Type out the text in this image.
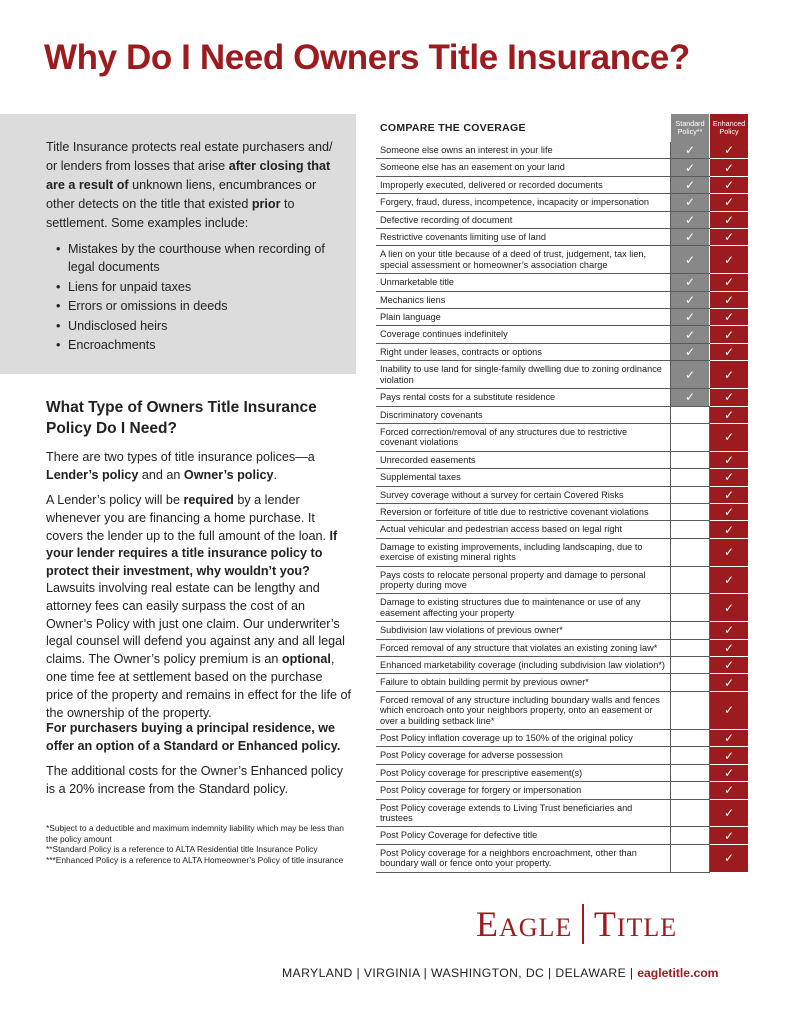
Why Do I Need Owners Title Insurance?

Title Insurance protects real estate purchasers and/ or lenders from losses that arise after closing that are a result of unknown liens, encumbrances or other detects on the title that existed prior to settlement. Some examples include:

• Mistakes by the courthouse when recording of legal documents
• Liens for unpaid taxes
• Errors or omissions in deeds
• Undisclosed heirs
• Encroachments
What Type of Owners Title Insurance Policy Do I Need?

There are two types of title insurance polices—a Lender’s policy and an Owner’s policy.

A Lender’s policy will be required by a lender whenever you are financing a home purchase. It covers the lender up to the full amount of the loan. If your lender requires a title insurance policy to protect their investment, why wouldn’t you?

Lawsuits involving real estate can be lengthy and attorney fees can easily surpass the cost of an Owner’s Policy with just one claim. Our underwriter’s legal counsel will defend you against any and all legal claims. The Owner’s policy premium is an optional, one time fee at settlement based on the purchase price of the property and remains in effect for the life of the ownership of the property.

For purchasers buying a principal residence, we offer an option of a Standard or Enhanced policy.

The additional costs for the Owner’s Enhanced policy is a 20% increase from the Standard policy.

*Subject to a deductible and maximum indemnity liability which may be less than the policy amount
**Standard Policy is a reference to ALTA Residential title Insurance Policy
***Enhanced Policy is a reference to ALTA Homeowner’s Policy of title insurance
COMPARE THE COVERAGE	Standard Policy**	Enhanced Policy
Someone else owns an interest in your life	✓	✓
Someone else has an easement on your land	✓	✓
Improperly executed, delivered or recorded documents	✓	✓
Forgery, fraud, duress, incompetence, incapacity or impersonation	✓	✓
Defective recording of document	✓	✓
Restrictive covenants limiting use of land	✓	✓
A lien on your title because of a deed of trust, judgement, tax lien, special assessment or homeowner’s association charge	✓	✓
Unmarketable title	✓	✓
Mechanics liens	✓	✓
Plain language	✓	✓
Coverage continues indefinitely	✓	✓
Right under leases, contracts or options	✓	✓
Inability to use land for single-family dwelling due to zoning ordinance violation	✓	✓
Pays rental costs for a substitute residence	✓	✓
Discriminatory covenants		✓
Forced correction/removal of any structures due to restrictive covenant violations		✓
Unrecorded easements		✓
Supplemental taxes		✓
Survey coverage without a survey for certain Covered Risks		✓
Reversion or forfeiture of title due to restrictive covenant violations		✓
Actual vehicular and pedestrian access based on legal right		✓
Damage to existing improvements, including landscaping, due to exercise of existing mineral rights		✓
Pays costs to relocate personal property and damage to personal property during move		✓
Damage to existing structures due to maintenance or use of any easement affecting your property		✓
Subdivision law violations of previous owner*		✓
Forced removal of any structure that violates an existing zoning law*		✓
Enhanced marketability coverage (including subdivision law violation*)		✓
Failure to obtain building permit by previous owner*		✓
Forced removal of any structure including boundary walls and fences which encroach onto your neighbors property, onto an easement or over a building setback line*		✓
Post Policy inflation coverage up to 150% of the original policy		✓
Post Policy coverage for adverse possession		✓
Post Policy coverage for prescriptive easement(s)		✓
Post Policy coverage for forgery or impersonation		✓
Post Policy coverage extends to Living Trust beneficiaries and trustees		✓
Post Policy Coverage for defective title		✓
Post Policy coverage for a neighbors encroachment, other than boundary wall or fence onto your property.		✓
E AGLE T ITLE
MARYLAND | VIRGINIA | WASHINGTON, DC | DELAWARE | eagletitle.com
